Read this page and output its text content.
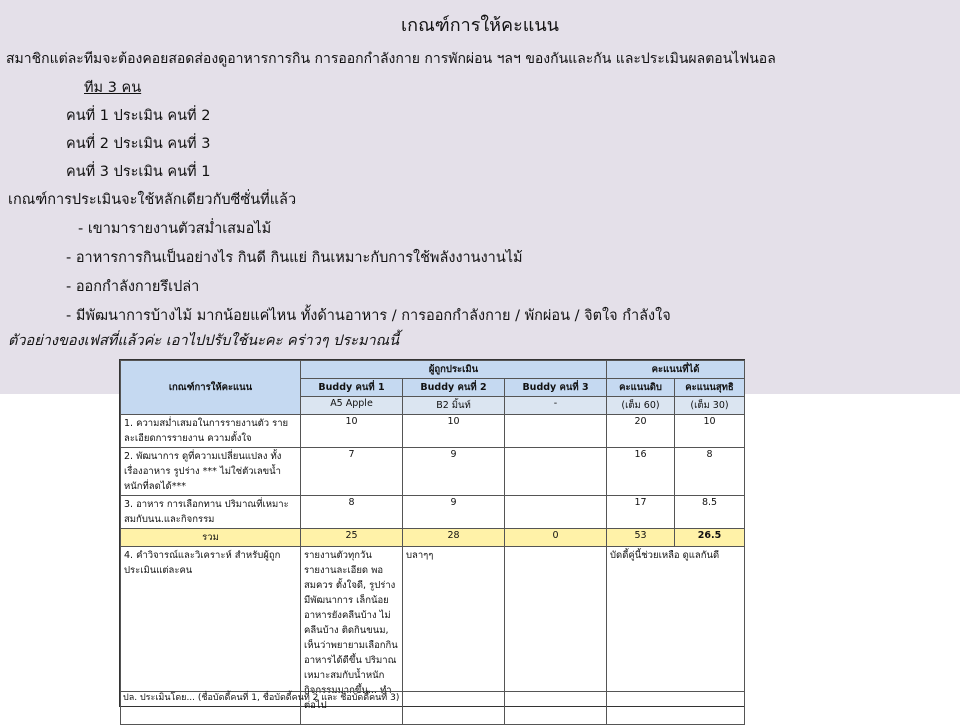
เกณฑ์การให้คะแนน
สมาชิกแต่ละทีมจะต้องคอยสอดส่องดูอาหารการกิน การออกกำลังกาย การพักผ่อน ฯลฯ ของกันและกัน และประเมินผลตอนไฟนอล
ทีม 3 คน
คนที่ 1 ประเมิน คนที่ 2
คนที่ 2 ประเมิน คนที่ 3
คนที่ 3 ประเมิน คนที่ 1
เกณฑ์การประเมินจะใช้หลักเดียวกับซีซั่นที่แล้ว
- เขามารายงานตัวสม่ำเสมอไม้
- อาหารการกินเป็นอย่างไร กินดี กินแย่ กินเหมาะกับการใช้พลังงานงานไม้
- ออกกำลังกายรึเปล่า
- มีพัฒนาการบ้างไม้ มากน้อยแค่ไหน ทั้งด้านอาหาร / การออกกำลังกาย / พักผ่อน / จิตใจ กำลังใจ
ตัวอย่างของเฟสที่แล้วค่ะ เอาไปปรับใช้นะคะ คร่าวๆ ประมาณนี้
เกณฑ์การให้คะแนน	ผู้ถูกประเมิน			คะแนนที่ได้	
	Buddy คนที่ 1	Buddy คนที่ 2	Buddy คนที่ 3	คะแนนดิบ	คะแนนสุทธิ
	A5 Apple	B2 มิ้นท์	-	(เต็ม 60)	(เต็ม 30)
1. ความสม่ำเสมอในการรายงานตัว รายละเอียดการรายงาน ความตั้งใจ	10	10		20	10
2. พัฒนาการ ดูที่ความเปลี่ยนแปลง ทั้งเรื่องอาหาร รูปร่าง *** ไม่ใช่ตัวเลขน้ำหนักที่ลดได้***	7	9		16	8
3. อาหาร การเลือกทาน ปริมาณที่เหมาะสมกับนน.และกิจกรรม	8	9		17	8.5
รวม	25	28	0	53	26.5
4. คำวิจารณ์และวิเคราะห์ สำหรับผู้ถูกประเมินแต่ละคน	รายงานตัวทุกวัน รายงานละเอียด พอสมควร ตั้งใจดี, รูปร่างมีพัฒนาการ เล็กน้อย อาหารยังคลีนบ้าง ไม่คลีนบ้าง ติดกินขนม, เห็นว่าพยายามเลือกกินอาหารได้ดีขึ้น ปริมาณเหมาะสมกับน้ำหนักกิจกรรมมากขึ้น... ทำต่อไป	บลาๆๆ		บัดดี้คู่นี้ช่วยเหลือ ดูแลกันดี	
ปล. ประเมินโดย... (ชื่อบัดดี้คนที่ 1, ชื่อบัดดี้คนที่ 2 และ ชื่อบัดดี้คนที่ 3)
